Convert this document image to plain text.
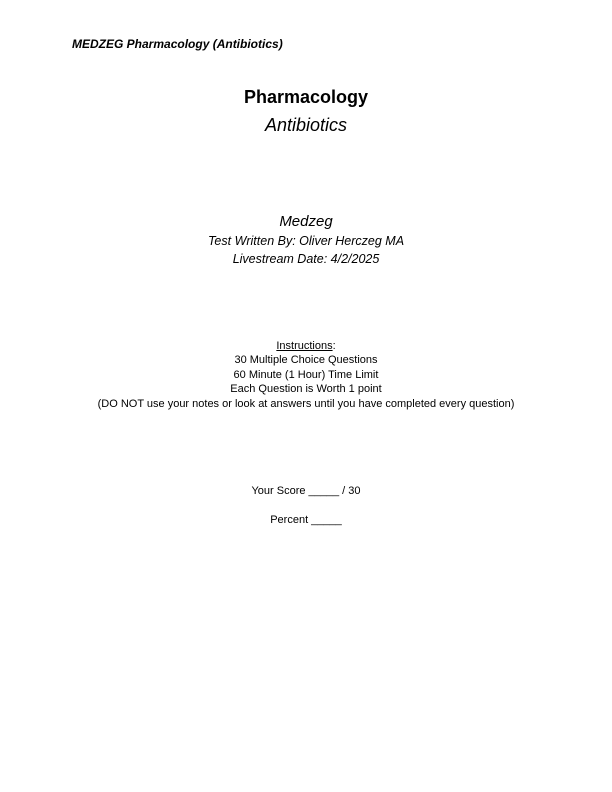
MEDZEG Pharmacology (Antibiotics)
Pharmacology
Antibiotics
Medzeg
Test Written By: Oliver Herczeg MA
Livestream Date: 4/2/2025
Instructions:
30 Multiple Choice Questions
60 Minute (1 Hour) Time Limit
Each Question is Worth 1 point
(DO NOT use your notes or look at answers until you have completed every question)
Your Score _____ / 30
Percent _____
